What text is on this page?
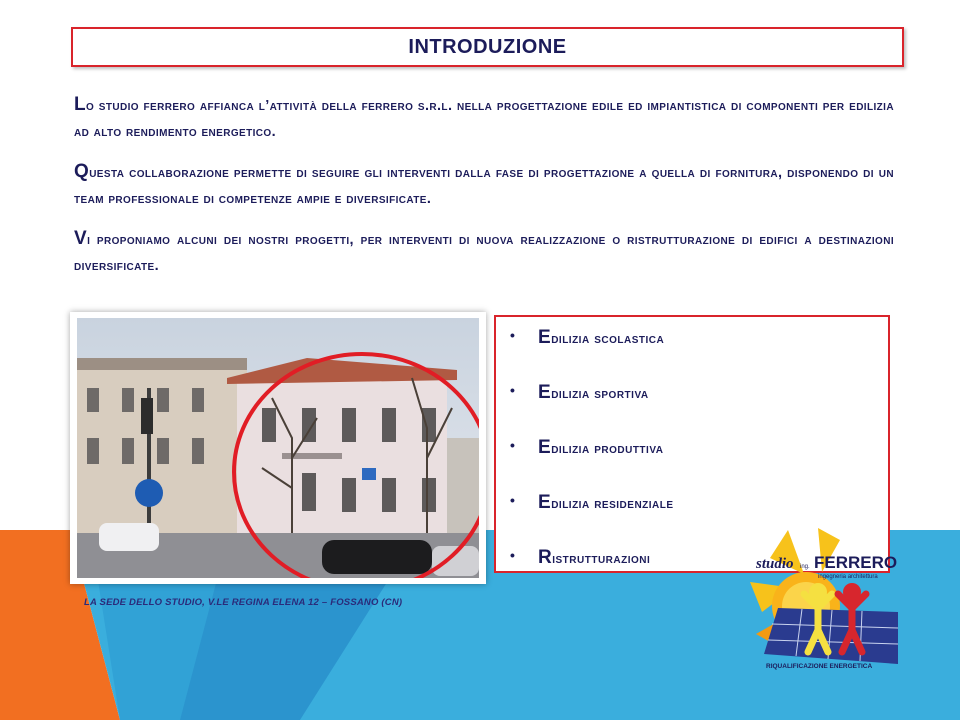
INTRODUZIONE

Lo studio ferrero affianca l’attività della ferrero s.r.l. nella progettazione edile ed impiantistica di componenti per edilizia ad alto rendimento energetico.

Questa collaborazione permette di seguire gli interventi dalla fase di progettazione a quella di fornitura, disponendo di un team professionale di competenze ampie e diversificate.

Vi proponiamo alcuni dei nostri progetti, per interventi di nuova realizzazione o ristrutturazione di edifici a destinazioni diversificate.

LA SEDE DELLO STUDIO, V.LE REGINA ELENA 12 – FOSSANO (CN)
•	edilizia scolastica
•	edilizia sportiva
•	edilizia produttiva
•	edilizia residenziale
•	ristrutturazioni	studio ing. FERRERO
ingegneria architettura
RIQUALIFICAZIONE ENERGETICA
